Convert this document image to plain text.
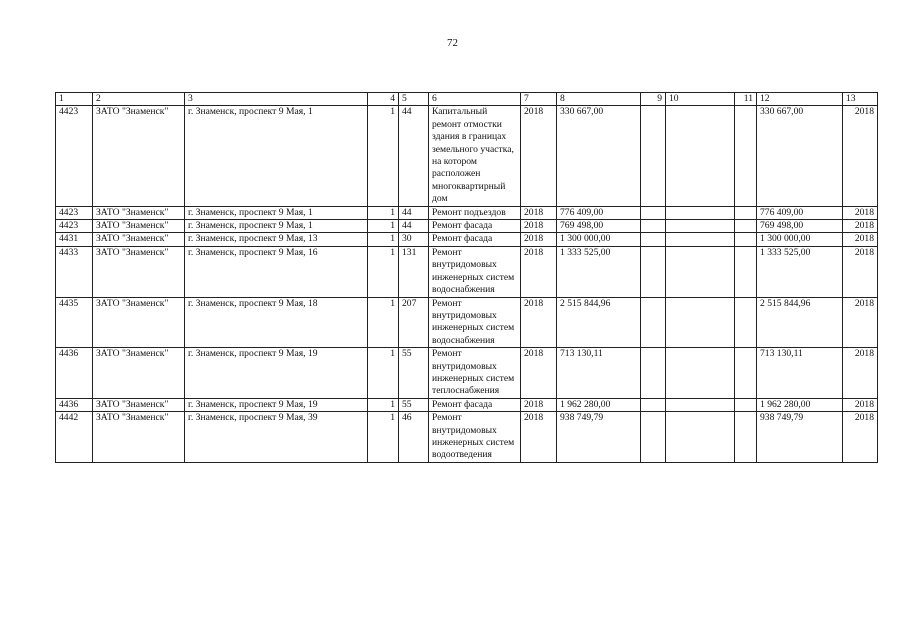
72
1	2	3	4	5	6	7	8	9	10	11	12	13
4423	ЗАТО "Знаменск"	г. Знаменск, проспект 9 Мая, 1	1	44	Капитальный ремонт отмостки здания в границах земельного участка, на котором расположен многоквартирный дом	2018	330 667,00				330 667,00	2018
4423	ЗАТО "Знаменск"	г. Знаменск, проспект 9 Мая, 1	1	44	Ремонт подъездов	2018	776 409,00				776 409,00	2018
4423	ЗАТО "Знаменск"	г. Знаменск, проспект 9 Мая, 1	1	44	Ремонт фасада	2018	769 498,00				769 498,00	2018
4431	ЗАТО "Знаменск"	г. Знаменск, проспект 9 Мая, 13	1	30	Ремонт фасада	2018	1 300 000,00				1 300 000,00	2018
4433	ЗАТО "Знаменск"	г. Знаменск, проспект 9 Мая, 16	1	131	Ремонт внутридомовых инженерных систем водоснабжения	2018	1 333 525,00				1 333 525,00	2018
4435	ЗАТО "Знаменск"	г. Знаменск, проспект 9 Мая, 18	1	207	Ремонт внутридомовых инженерных систем водоснабжения	2018	2 515 844,96				2 515 844,96	2018
4436	ЗАТО "Знаменск"	г. Знаменск, проспект 9 Мая, 19	1	55	Ремонт внутридомовых инженерных систем теплоснабжения	2018	713 130,11				713 130,11	2018
4436	ЗАТО "Знаменск"	г. Знаменск, проспект 9 Мая, 19	1	55	Ремонт фасада	2018	1 962 280,00				1 962 280,00	2018
4442	ЗАТО "Знаменск"	г. Знаменск, проспект 9 Мая, 39	1	46	Ремонт внутридомовых инженерных систем водоотведения	2018	938 749,79				938 749,79	2018
